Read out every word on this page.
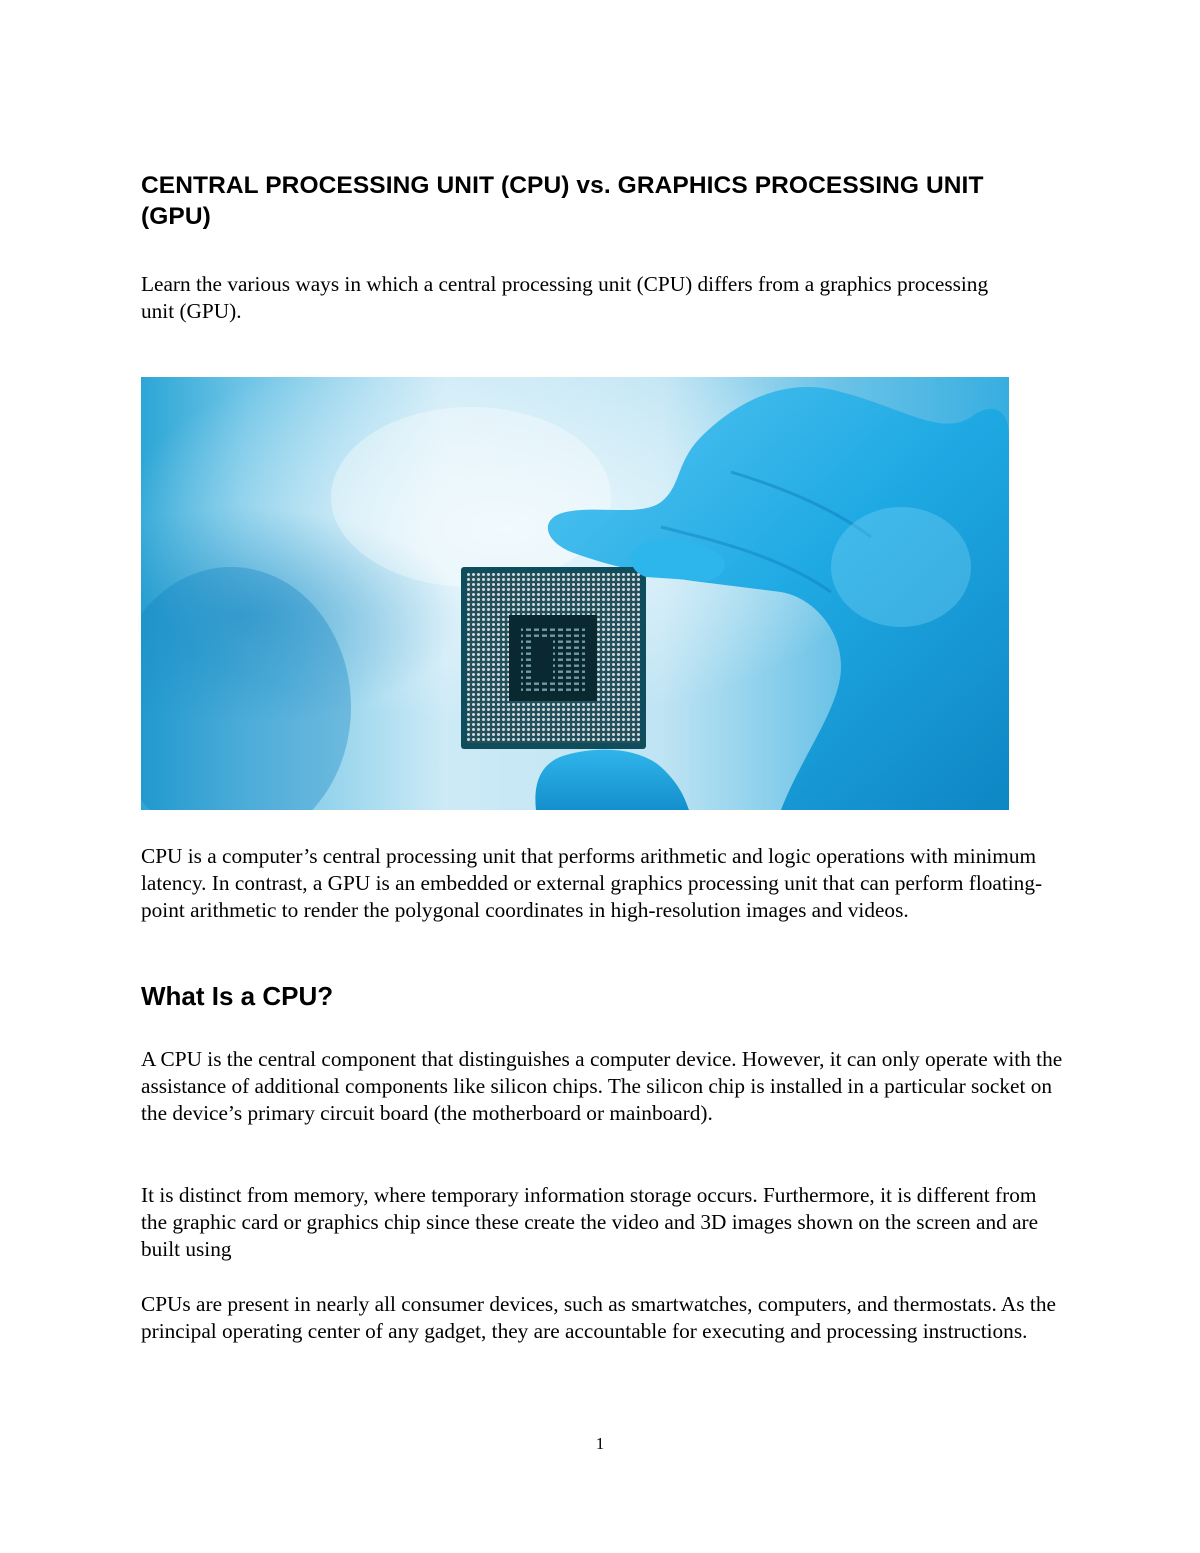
CENTRAL PROCESSING UNIT (CPU) vs. GRAPHICS PROCESSING UNIT (GPU)

Learn the various ways in which a central processing unit (CPU) differs from a graphics processing unit (GPU).

CPU is a computer’s central processing unit that performs arithmetic and logic operations with minimum latency. In contrast, a GPU is an embedded or external graphics processing unit that can perform floating-point arithmetic to render the polygonal coordinates in high-resolution images and videos.

What Is a CPU?

A CPU is the central component that distinguishes a computer device. However, it can only operate with the assistance of additional components like silicon chips. The silicon chip is installed in a particular socket on the device’s primary circuit board (the motherboard or mainboard).

It is distinct from memory, where temporary information storage occurs. Furthermore, it is different from the graphic card or graphics chip since these create the video and 3D images shown on the screen and are built using

CPUs are present in nearly all consumer devices, such as smartwatches, computers, and thermostats. As the principal operating center of any gadget, they are accountable for executing and processing instructions.

1
